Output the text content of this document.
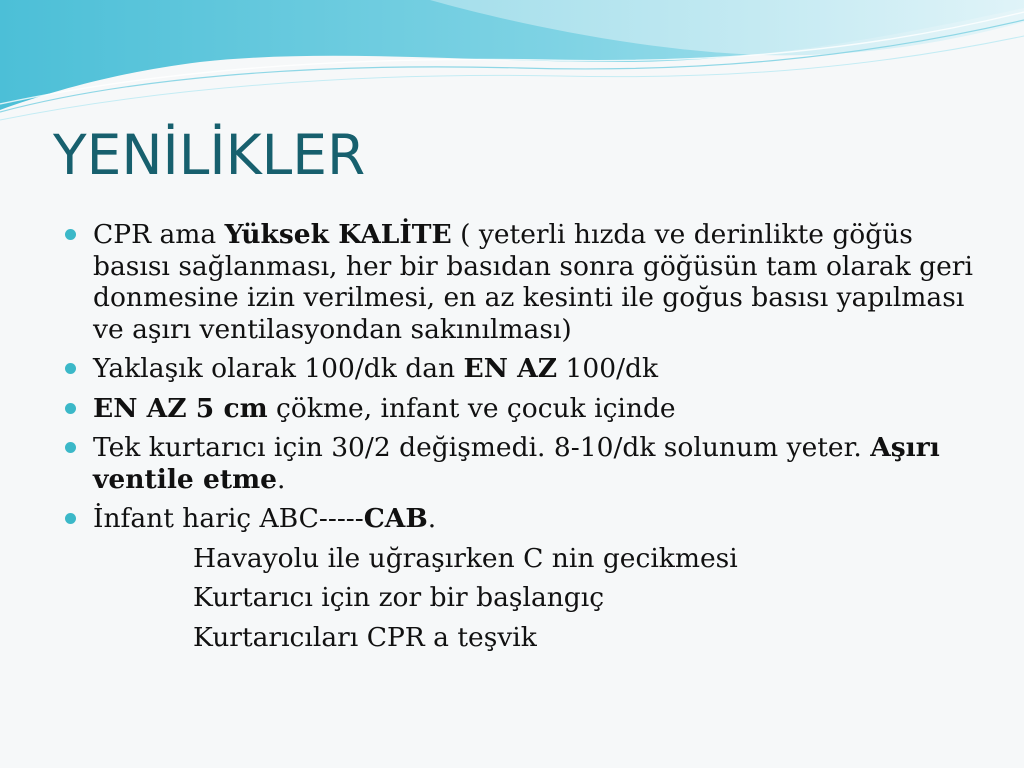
YENİLİKLER
CPR ama Yüksek KALİTE ( yeterli hızda ve derinlikte göğüs basısı sağlanması, her bir basıdan sonra göğüsün tam olarak geri donmesine izin verilmesi, en az kesinti ile goğus basısı yapılması ve aşırı ventilasyondan sakınılması)
Yaklaşık olarak 100/dk dan EN AZ 100/dk
EN AZ 5 cm çökme, infant ve çocuk içinde
Tek kurtarıcı için 30/2 değişmedi. 8-10/dk solunum yeter. Aşırı ventile etme.
İnfant hariç ABC-----CAB.
Havayolu ile uğraşırken C nin gecikmesi
Kurtarıcı için zor bir başlangıç
Kurtarıcıları CPR a teşvik
